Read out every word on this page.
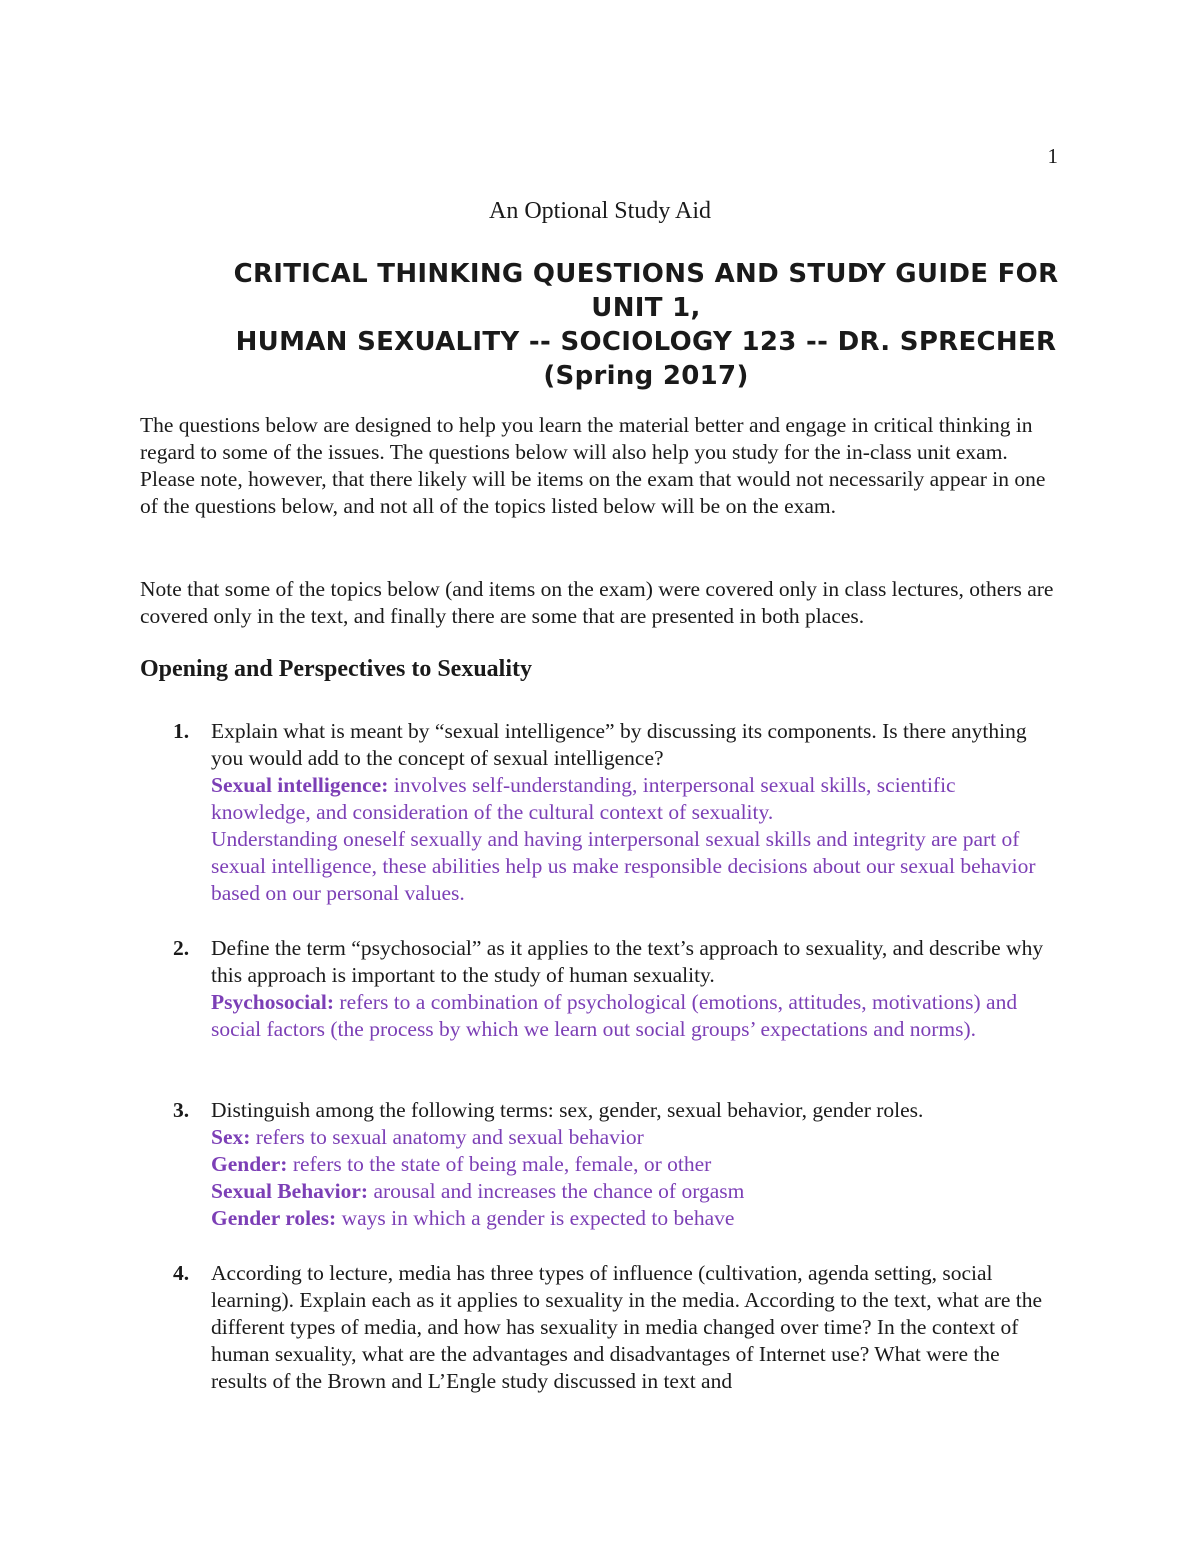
1
An Optional Study Aid
CRITICAL THINKING QUESTIONS AND STUDY GUIDE FOR
UNIT 1,
HUMAN SEXUALITY -- SOCIOLOGY 123 -- DR. SPRECHER
(Spring 2017)
The questions below are designed to help you learn the material better and engage in critical thinking in regard to some of the issues. The questions below will also help you study for the in-class unit exam. Please note, however, that there likely will be items on the exam that would not necessarily appear in one of the questions below, and not all of the topics listed below will be on the exam.
Note that some of the topics below (and items on the exam) were covered only in class lectures, others are covered only in the text, and finally there are some that are presented in both places.
Opening and Perspectives to Sexuality
1. Explain what is meant by “sexual intelligence” by discussing its components. Is there anything you would add to the concept of sexual intelligence?
Sexual intelligence: involves self-understanding, interpersonal sexual skills, scientific knowledge, and consideration of the cultural context of sexuality.
Understanding oneself sexually and having interpersonal sexual skills and integrity are part of sexual intelligence, these abilities help us make responsible decisions about our sexual behavior based on our personal values.
2. Define the term “psychosocial” as it applies to the text’s approach to sexuality, and describe why this approach is important to the study of human sexuality.
Psychosocial: refers to a combination of psychological (emotions, attitudes, motivations) and social factors (the process by which we learn out social groups’ expectations and norms).
3. Distinguish among the following terms: sex, gender, sexual behavior, gender roles.
Sex: refers to sexual anatomy and sexual behavior
Gender: refers to the state of being male, female, or other
Sexual Behavior: arousal and increases the chance of orgasm
Gender roles: ways in which a gender is expected to behave
4. According to lecture, media has three types of influence (cultivation, agenda setting, social learning). Explain each as it applies to sexuality in the media. According to the text, what are the different types of media, and how has sexuality in media changed over time? In the context of human sexuality, what are the advantages and disadvantages of Internet use? What were the results of the Brown and L’Engle study discussed in text and
